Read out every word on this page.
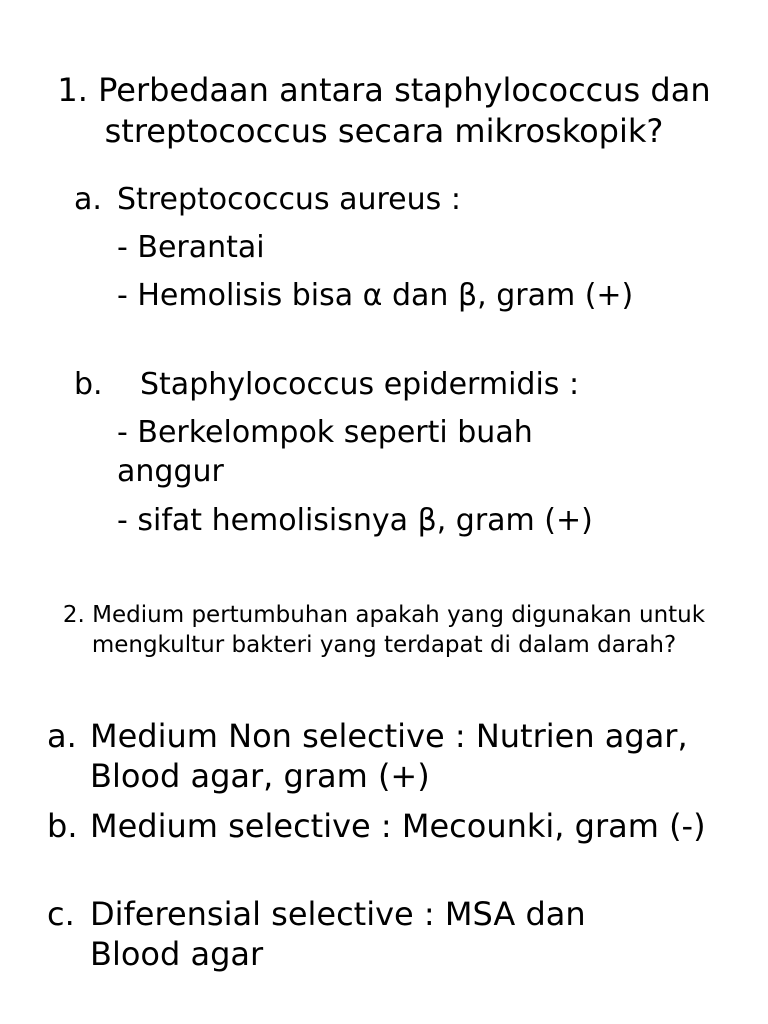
1. Perbedaan antara staphylococcus dan streptococcus secara mikroskopik?
a. Streptococcus aureus :
- Berantai
- Hemolisis bisa α dan β, gram (+)
b. Staphylococcus epidermidis :
- Berkelompok seperti buah anggur
- sifat hemolisisnya β, gram (+)
2. Medium pertumbuhan apakah yang digunakan untuk mengkultur bakteri yang terdapat di dalam darah?
a. Medium Non selective : Nutrien agar, Blood agar, gram (+)
b. Medium selective : Mecounki, gram (-)
c. Diferensial selective : MSA dan Blood agar
